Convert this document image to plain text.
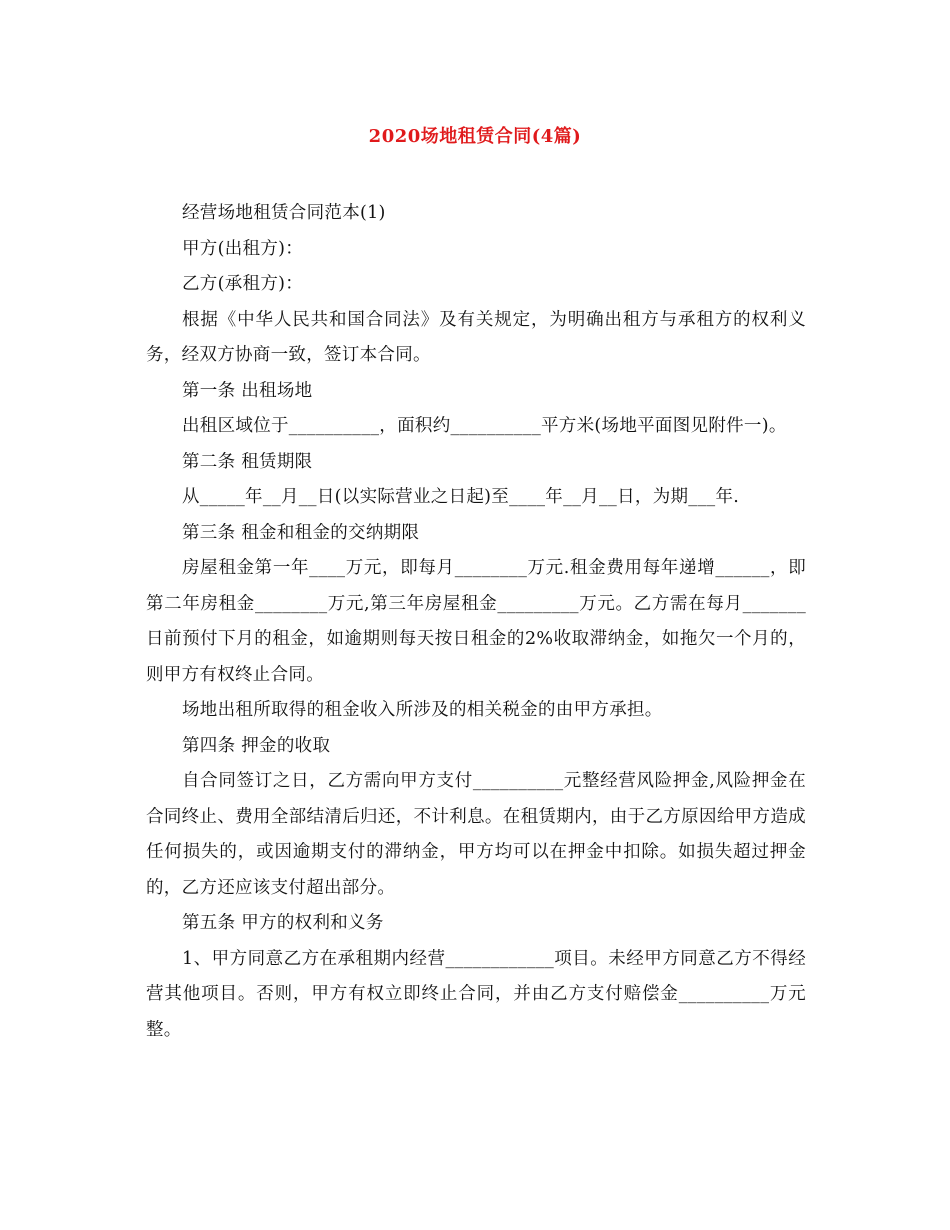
2020场地租赁合同(4篇)

经营场地租赁合同范本(1)

甲方(出租方)：

乙方(承租方)：

根据《中华人民共和国合同法》及有关规定，为明确出租方与承租方的权利义务，经双方协商一致，签订本合同。

第一条 出租场地

出租区域位于__________，面积约__________平方米(场地平面图见附件一)。

第二条 租赁期限

从_____年__月__日(以实际营业之日起)至____年__月__日，为期___年.

第三条 租金和租金的交纳期限

房屋租金第一年____万元，即每月________万元.租金费用每年递增______，即第二年房租金________万元,第三年房屋租金_________万元。乙方需在每月_______日前预付下月的租金，如逾期则每天按日租金的2%收取滞纳金，如拖欠一个月的，则甲方有权终止合同。

场地出租所取得的租金收入所涉及的相关税金的由甲方承担。

第四条 押金的收取

自合同签订之日，乙方需向甲方支付__________元整经营风险押金,风险押金在合同终止、费用全部结清后归还，不计利息。在租赁期内，由于乙方原因给甲方造成任何损失的，或因逾期支付的滞纳金，甲方均可以在押金中扣除。如损失超过押金的，乙方还应该支付超出部分。

第五条 甲方的权利和义务

1、甲方同意乙方在承租期内经营____________项目。未经甲方同意乙方不得经营其他项目。否则，甲方有权立即终止合同，并由乙方支付赔偿金__________万元整。
